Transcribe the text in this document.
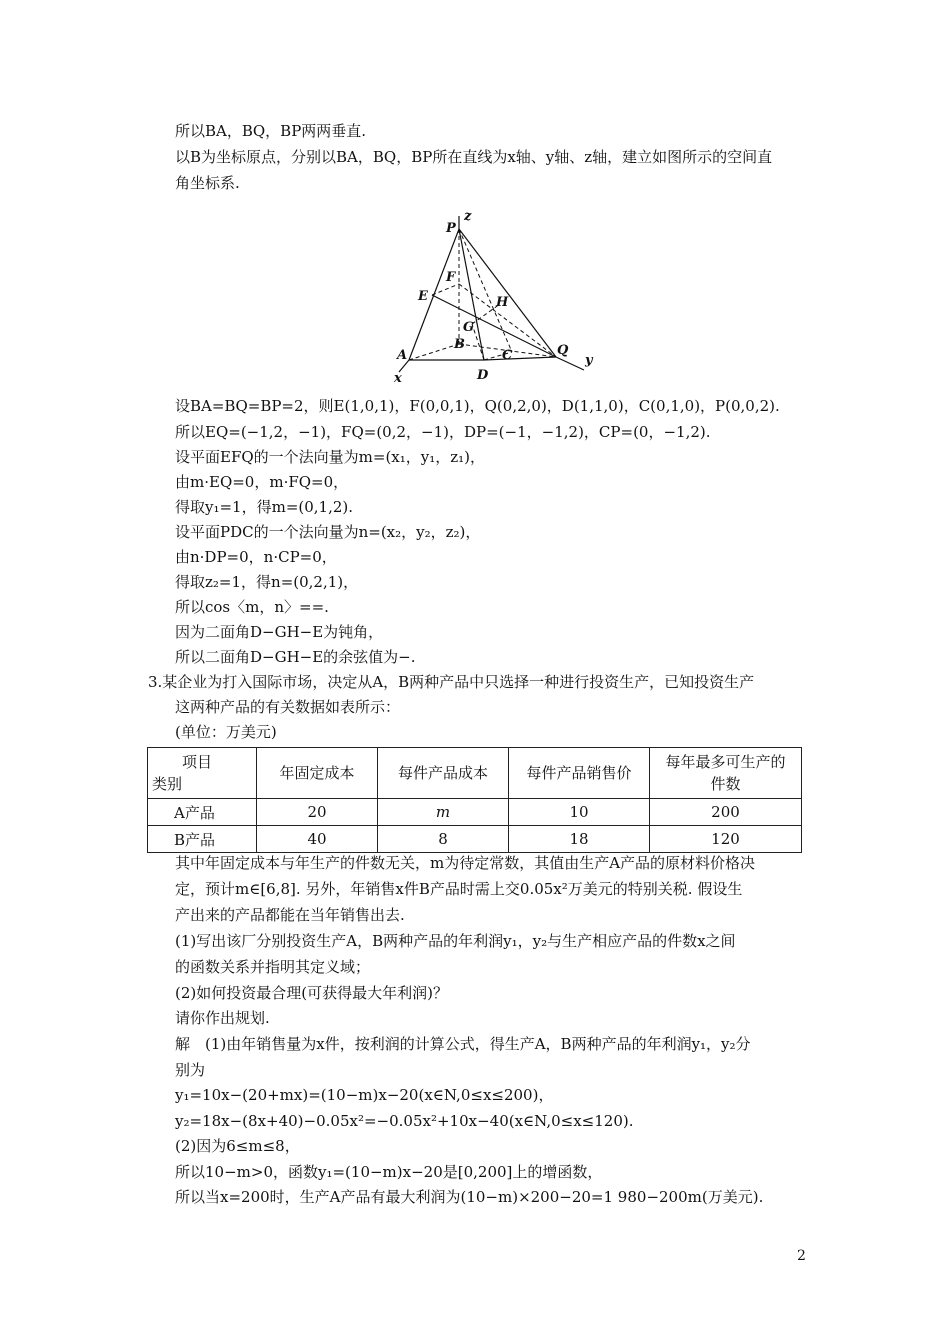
所以BA，BQ，BP两两垂直.
以B为坐标原点，分别以BA，BQ，BP所在直线为x轴、y轴、z轴，建立如图所示的空间直
角坐标系.
P
z
F
E	H
G
B
A	C	Q
y
x	D
设BA=BQ=BP=2，则E(1,0,1)，F(0,0,1)，Q(0,2,0)，D(1,1,0)，C(0,1,0)，P(0,0,2).
所以EQ=(−1,2，−1)，FQ=(0,2，−1)，DP=(−1，−1,2)，CP=(0，−1,2).
设平面EFQ的一个法向量为m=(x₁，y₁，z₁)，
由m·EQ=0，m·FQ=0，
得取y₁=1，得m=(0,1,2).
设平面PDC的一个法向量为n=(x₂，y₂，z₂)，
由n·DP=0，n·CP=0，
得取z₂=1，得n=(0,2,1)，
所以cos〈m，n〉==.
因为二面角D−GH−E为钝角，
所以二面角D−GH−E的余弦值为−.
3.某企业为打入国际市场，决定从A，B两种产品中只选择一种进行投资生产，已知投资生产
这两种产品的有关数据如表所示：
(单位：万美元)
项目
类别	年固定成本	每件产品成本	每件产品销售价	每年最多可生产的
件数

A产品	20	m	10	200
B产品	40	8	18	120
其中年固定成本与年生产的件数无关，m为待定常数，其值由生产A产品的原材料价格决
定，预计m∈[6,8]. 另外，年销售x件B产品时需上交0.05x²万美元的特别关税. 假设生
产出来的产品都能在当年销售出去.
(1)写出该厂分别投资生产A，B两种产品的年利润y₁，y₂与生产相应产品的件数x之间
的函数关系并指明其定义域；
(2)如何投资最合理(可获得最大年利润)？
请你作出规划.
解　(1)由年销售量为x件，按利润的计算公式，得生产A，B两种产品的年利润y₁，y₂分
别为
y₁=10x−(20+mx)=(10−m)x−20(x∈N,0≤x≤200)，
y₂=18x−(8x+40)−0.05x²=−0.05x²+10x−40(x∈N,0≤x≤120).
(2)因为6≤m≤8，
所以10−m>0，函数y₁=(10−m)x−20是[0,200]上的增函数，
所以当x=200时，生产A产品有最大利润为(10−m)×200−20=1 980−200m(万美元).
2
